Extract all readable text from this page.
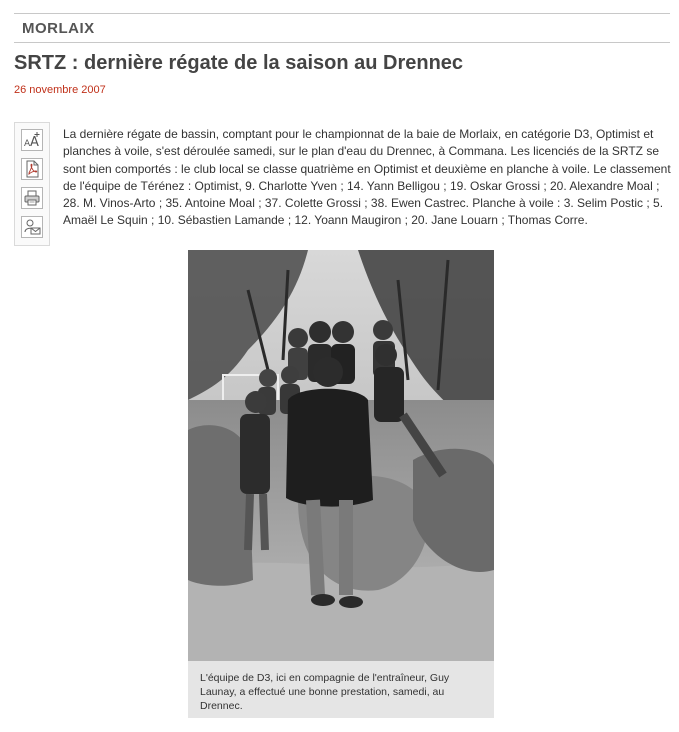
MORLAIX
SRTZ : dernière régate de la saison au Drennec
26 novembre 2007
A A

La dernière régate de bassin, comptant pour le championnat de la baie de Morlaix, en catégorie D3, Optimist et planches à voile, s'est déroulée samedi, sur le plan d'eau du Drennec, à Commana. Les licenciés de la SRTZ se sont bien comportés : le club local se classe quatrième en Optimist et deuxième en planche à voile. Le classement de l'équipe de Térénez : Optimist, 9. Charlotte Yven ; 14. Yann Belligou ; 19. Oskar Grossi ; 20. Alexandre Moal ; 28. M. Vinos-Arto ; 35. Antoine Moal ; 37. Colette Grossi ; 38. Ewen Castrec. Planche à voile : 3. Selim Postic ; 5. Amaël Le Squin ; 10. Sébastien Lamande ; 12. Yoann Maugiron ; 20. Jane Louarn ; Thomas Corre.

L'équipe de D3, ici en compagnie de l'entraîneur, Guy Launay, a effectué une bonne prestation, samedi, au Drennec.
